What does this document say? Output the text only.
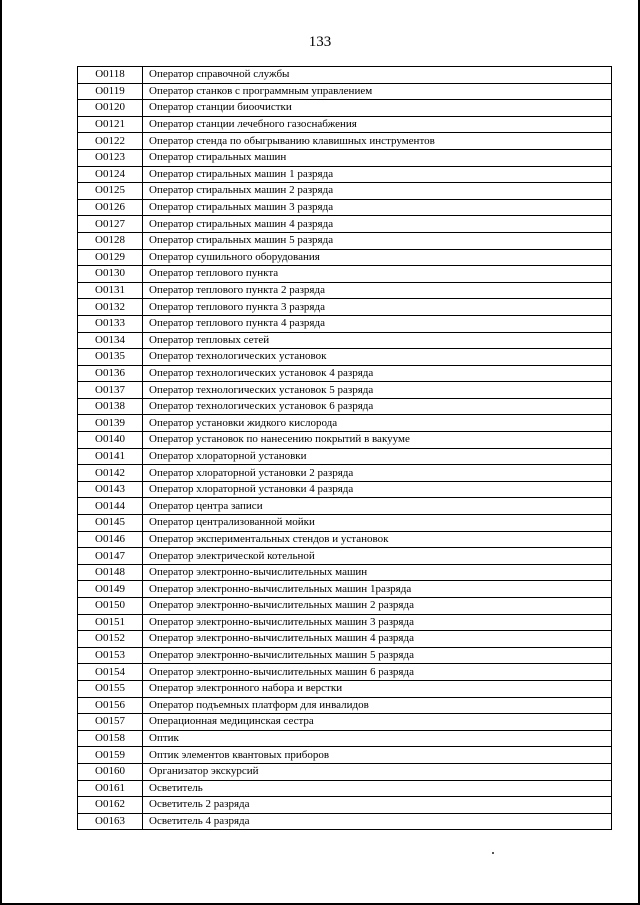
133
O0118	Оператор справочной службы
O0119	Оператор станков с программным управлением
O0120	Оператор станции биоочистки
O0121	Оператор станции лечебного газоснабжения
O0122	Оператор стенда по обыгрыванию клавишных инструментов
O0123	Оператор стиральных машин
O0124	Оператор стиральных машин 1 разряда
O0125	Оператор стиральных машин 2 разряда
O0126	Оператор стиральных машин 3 разряда
O0127	Оператор стиральных машин 4 разряда
O0128	Оператор стиральных машин 5 разряда
O0129	Оператор сушильного оборудования
O0130	Оператор теплового пункта
O0131	Оператор теплового пункта 2 разряда
O0132	Оператор теплового пункта 3 разряда
O0133	Оператор теплового пункта 4 разряда
O0134	Оператор тепловых сетей
O0135	Оператор технологических установок
O0136	Оператор технологических установок 4 разряда
O0137	Оператор технологических установок 5 разряда
O0138	Оператор технологических установок 6 разряда
O0139	Оператор установки жидкого кислорода
O0140	Оператор установок по нанесению покрытий в вакууме
O0141	Оператор хлораторной установки
O0142	Оператор хлораторной установки 2 разряда
O0143	Оператор хлораторной установки 4 разряда
O0144	Оператор центра записи
O0145	Оператор централизованной мойки
O0146	Оператор экспериментальных стендов и установок
O0147	Оператор электрической котельной
O0148	Оператор электронно-вычислительных машин
O0149	Оператор электронно-вычислительных машин 1разряда
O0150	Оператор электронно-вычислительных машин 2 разряда
O0151	Оператор электронно-вычислительных машин 3 разряда
O0152	Оператор электронно-вычислительных машин 4 разряда
O0153	Оператор электронно-вычислительных машин 5 разряда
O0154	Оператор электронно-вычислительных машин 6 разряда
O0155	Оператор электронного набора и верстки
O0156	Оператор подъемных платформ для инвалидов
O0157	Операционная медицинская сестра
O0158	Оптик
O0159	Оптик элементов квантовых приборов
O0160	Организатор экскурсий
O0161	Осветитель
O0162	Осветитель 2 разряда
O0163	Осветитель 4 разряда
